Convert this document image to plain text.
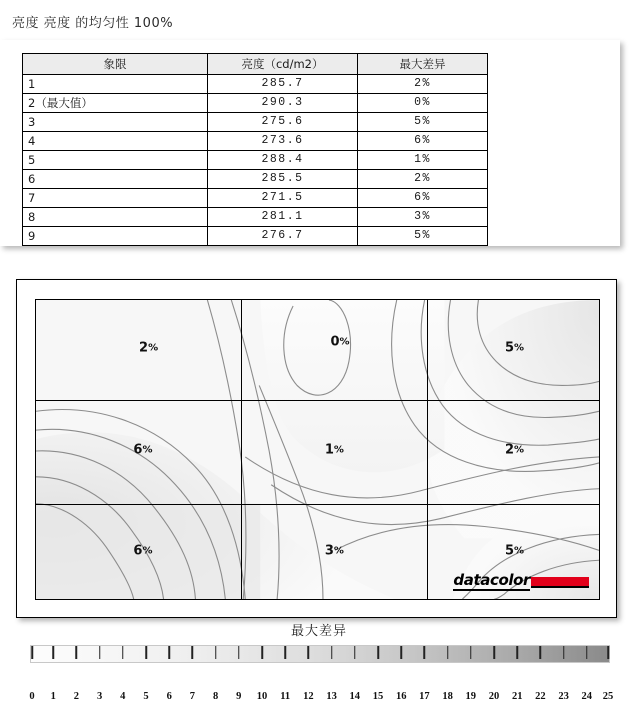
亮度 亮度 的均匀性 100%
象限	亮度（cd/m2）	最大差异
1	285.7	2%
2（最大值）	290.3	0%
3	275.6	5%
4	273.6	6%
5	288.4	1%
6	285.5	2%
7	271.5	6%
8	281.1	3%
9	276.7	5%
2%	0%	5%
6%	1%	2%
6%	3%	5%
datacolor
最大差异
0 1 2 3 4 5 6 7 8 9 10 11 12 13 14 15 16 17 18 19 20 21 22 23 24 25
